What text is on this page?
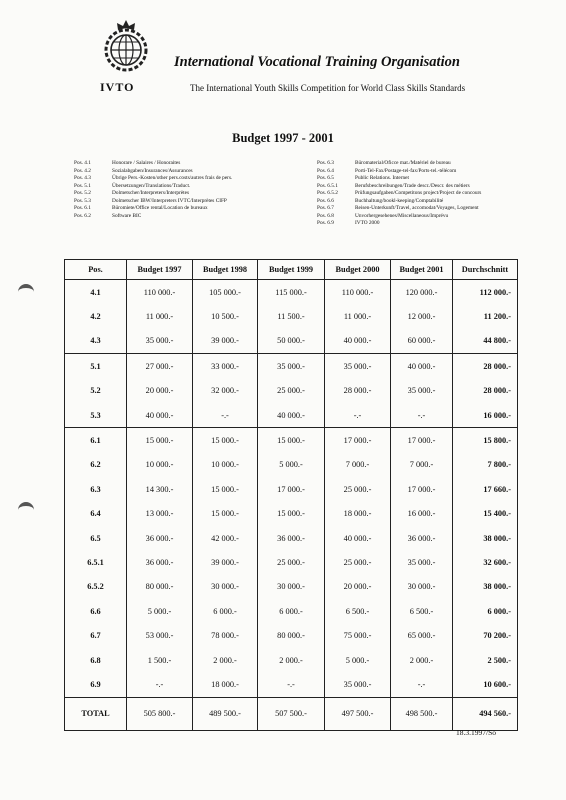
IVTO
International Vocational Training Organisation
The International Youth Skills Competition for World Class Skills Standards
Budget 1997 - 2001
Pos. 4.1	Honorare / Salaires / Honoraites
Pos. 4.2	Sozialabgaben/Insurances/Assurances
Pos. 4.3	Übrige Pers.-Kosten/other pers.costs/autres frais de pers.
Pos. 5.1	Übersetzungen/Translations/Traduct.
Pos. 5.2	Dolmetscher/Interpreters/Interprètes
Pos. 5.3	Dolmetscher IBW/Interpreters IVTC/Interprètes CIFP
Pos. 6.1	Büromiete/Office rental/Location de bureaux
Pos. 6.2	Software BIC
Pos. 6.3	Büromaterial/Oficce mat./Matériel de bureau
Pos. 6.4	Porti-Tel-Fax/Postage-tel-fax/Ports-tel.-télécom
Pos. 6.5	Public Relations. Internet
Pos. 6.5.1	Berufsbeschreibungen/Trade descr./Descr. des métiers
Pos. 6.5.2	Prüfungsaufgaben/Competitons project/Project de concours
Pos. 6.6	Buchhaltung/bookl-keeping/Comptabilité
Pos. 6.7	Reisen-Unterkunft/Travel, accomodat/Voyages, Logement
Pos. 6.8	Unvorhergesehenes/Miscellaneous/Imprévu
Pos. 6.9	IVTO 2000
Pos.	Budget 1997	Budget 1998	Budget 1999	Budget 2000	Budget 2001	Durchschnitt
4.1	110 000.-	105 000.-	115 000.-	110 000.-	120 000.-	112 000.-
4.2	11 000.-	10 500.-	11 500.-	11 000.-	12 000.-	11 200.-
4.3	35 000.-	39 000.-	50 000.-	40 000.-	60 000.-	44 800.-
5.1	27 000.-	33 000.-	35 000.-	35 000.-	40 000.-	28 000.-
5.2	20 000.-	32 000.-	25 000.-	28 000.-	35 000.-	28 000.-
5.3	40 000.-	-.-	40 000.-	-.-	-.-	16 000.-
6.1	15 000.-	15 000.-	15 000.-	17 000.-	17 000.-	15 800.-
6.2	10 000.-	10 000.-	5 000.-	7 000.-	7 000.-	7 800.-
6.3	14 300.-	15 000.-	17 000.-	25 000.-	17 000.-	17 660.-
6.4	13 000.-	15 000.-	15 000.-	18 000.-	16 000.-	15 400.-
6.5	36 000.-	42 000.-	36 000.-	40 000.-	36 000.-	38 000.-
6.5.1	36 000.-	39 000.-	25 000.-	25 000.-	35 000.-	32 600.-
6.5.2	80 000.-	30 000.-	30 000.-	20 000.-	30 000.-	38 000.-
6.6	5 000.-	6 000.-	6 000.-	6 500.-	6 500.-	6 000.-
6.7	53 000.-	78 000.-	80 000.-	75 000.-	65 000.-	70 200.-
6.8	1 500.-	2 000.-	2 000.-	5 000.-	2 000.-	2 500.-
6.9	-.-	18 000.-	-.-	35 000.-	-.-	10 600.-
TOTAL	505 800.-	489 500.-	507 500.-	497 500.-	498 500.-	494 560.-
18.3.1997/So
